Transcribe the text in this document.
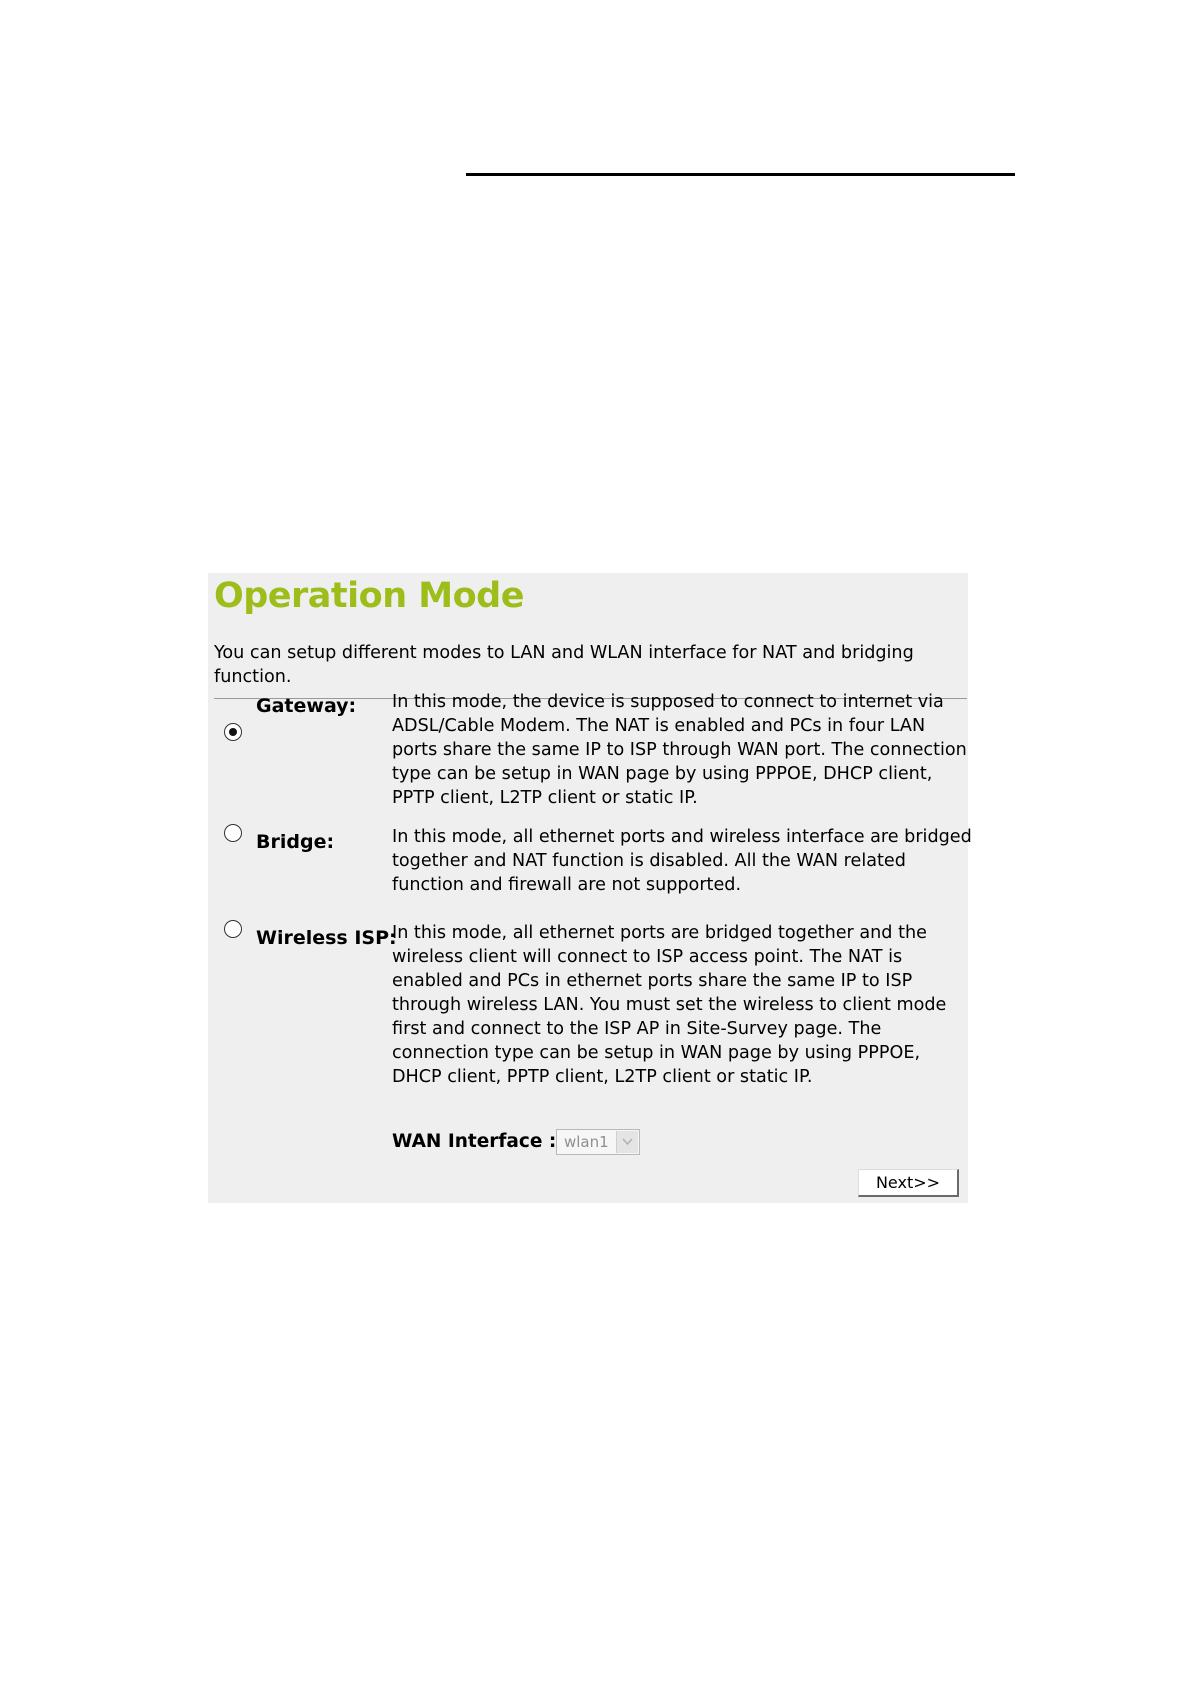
Operation Mode
You can setup different modes to LAN and WLAN interface for NAT and bridging function.
Gateway: In this mode, the device is supposed to connect to internet via ADSL/Cable Modem. The NAT is enabled and PCs in four LAN ports share the same IP to ISP through WAN port. The connection type can be setup in WAN page by using PPPOE, DHCP client, PPTP client, L2TP client or static IP.
Bridge:	In this mode, all ethernet ports and wireless interface are bridged together and NAT function is disabled. All the WAN related function and firewall are not supported.
Wireless ISP:
In this mode, all ethernet ports are bridged together and the wireless client will connect to ISP access point. The NAT is enabled and PCs in ethernet ports share the same IP to ISP through wireless LAN. You must set the wireless to client mode first and connect to the ISP AP in Site-Survey page. The connection type can be setup in WAN page by using PPPOE, DHCP client, PPTP client, L2TP client or static IP.
WAN Interface : wlan1
Next>>
